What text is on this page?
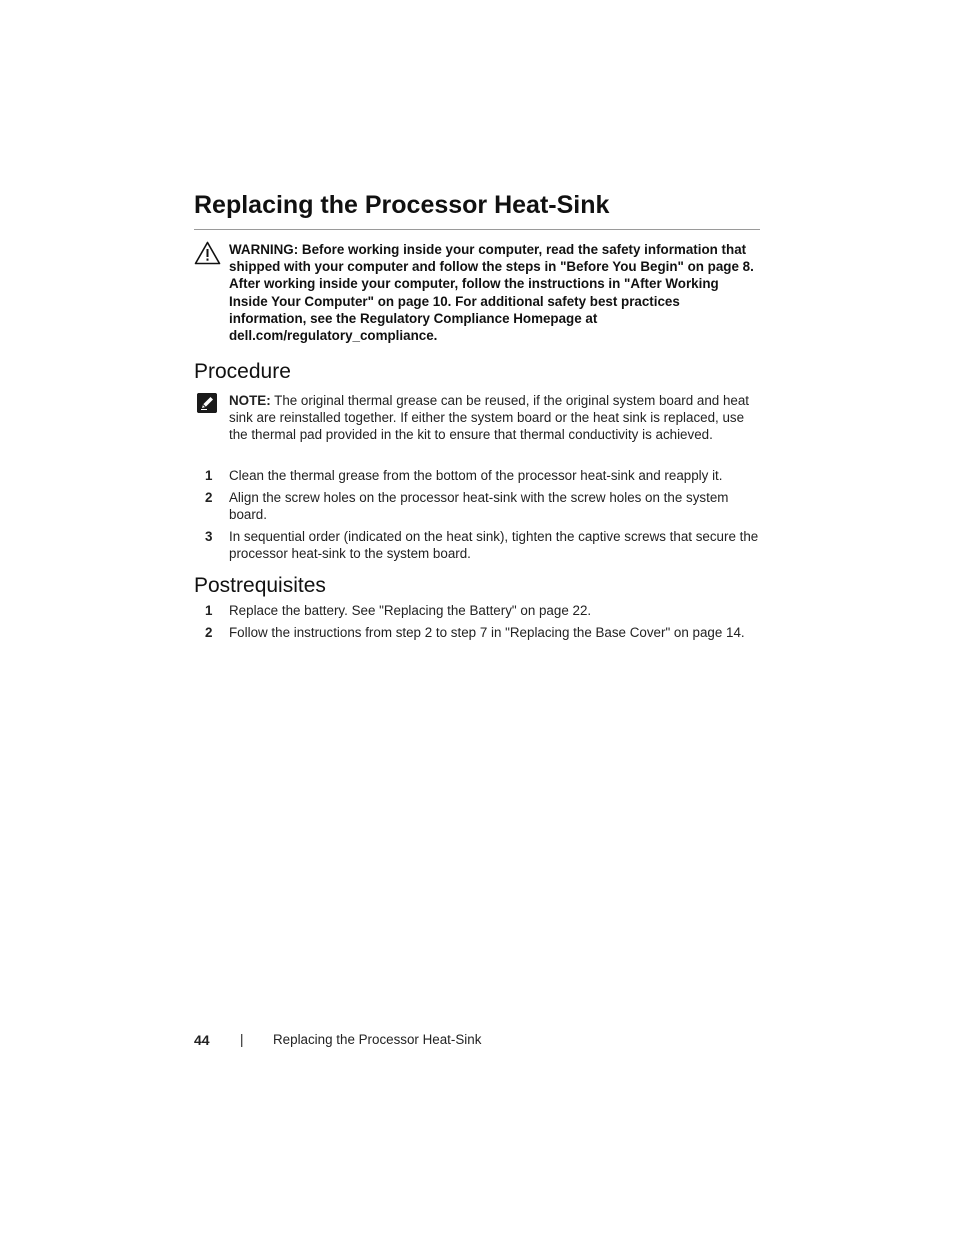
Replacing the Processor Heat-Sink
WARNING: Before working inside your computer, read the safety information that shipped with your computer and follow the steps in "Before You Begin" on page 8. After working inside your computer, follow the instructions in "After Working Inside Your Computer" on page 10. For additional safety best practices information, see the Regulatory Compliance Homepage at dell.com/regulatory_compliance.
Procedure
NOTE: The original thermal grease can be reused, if the original system board and heat sink are reinstalled together. If either the system board or the heat sink is replaced, use the thermal pad provided in the kit to ensure that thermal conductivity is achieved.
1 Clean the thermal grease from the bottom of the processor heat-sink and reapply it.
2 Align the screw holes on the processor heat-sink with the screw holes on the system board.
3 In sequential order (indicated on the heat sink), tighten the captive screws that secure the processor heat-sink to the system board.
Postrequisites
1 Replace the battery. See "Replacing the Battery" on page 22.
2 Follow the instructions from step 2 to step 7 in "Replacing the Base Cover" on page 14.
44 | Replacing the Processor Heat-Sink
